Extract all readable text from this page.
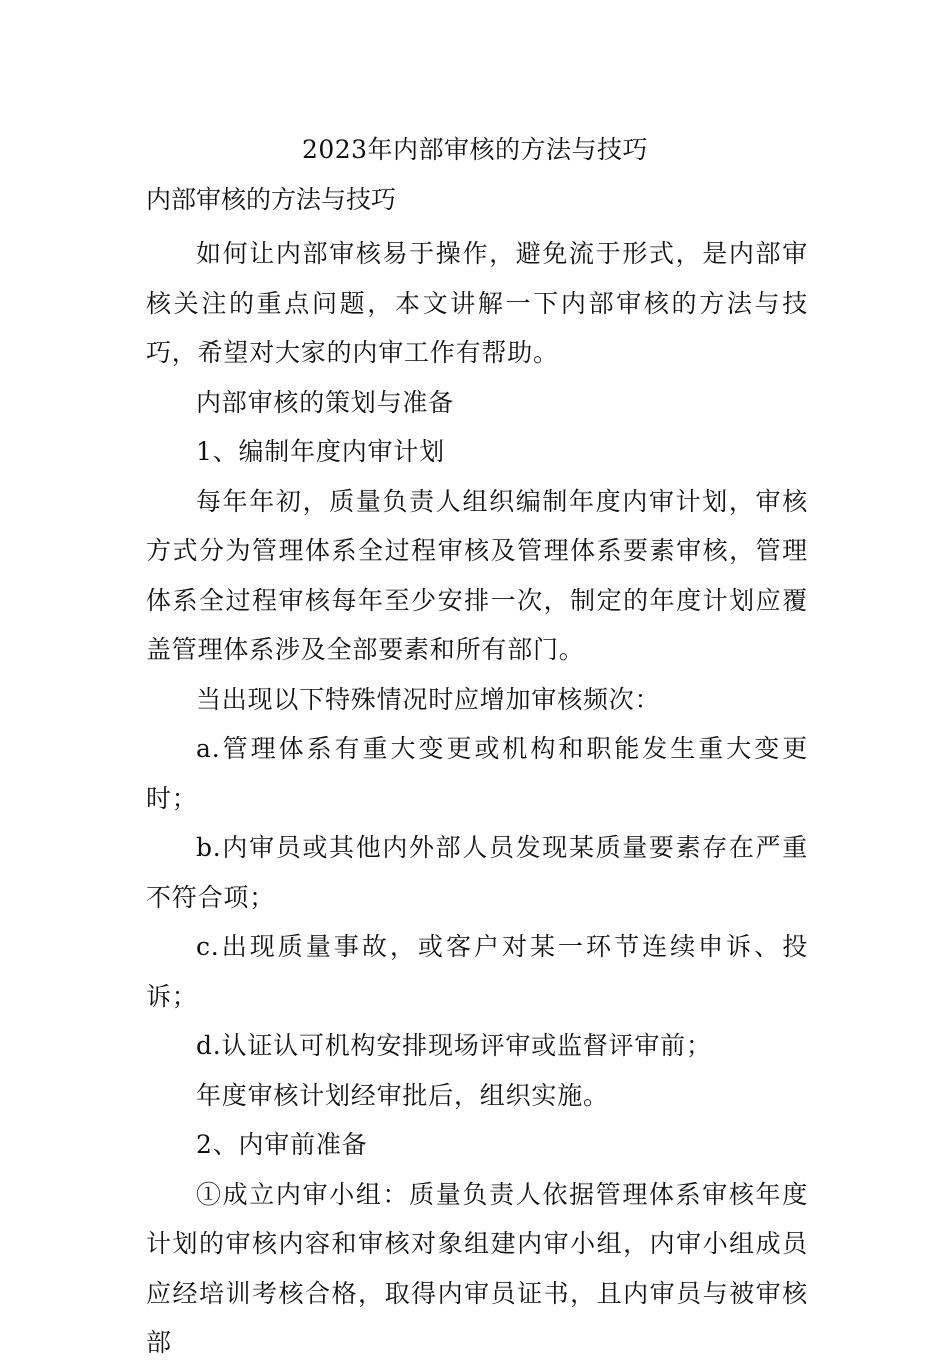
2023年内部审核的方法与技巧
内部审核的方法与技巧

如何让内部审核易于操作，避免流于形式，是内部审核关注的重点问题，本文讲解一下内部审核的方法与技巧，希望对大家的内审工作有帮助。

内部审核的策划与准备

1、编制年度内审计划

每年年初，质量负责人组织编制年度内审计划，审核方式分为管理体系全过程审核及管理体系要素审核，管理体系全过程审核每年至少安排一次，制定的年度计划应覆盖管理体系涉及全部要素和所有部门。

当出现以下特殊情况时应增加审核频次：

a.管理体系有重大变更或机构和职能发生重大变更时；

b.内审员或其他内外部人员发现某质量要素存在严重不符合项；

c.出现质量事故，或客户对某一环节连续申诉、投诉；

d.认证认可机构安排现场评审或监督评审前；

年度审核计划经审批后，组织实施。

2、内审前准备

①成立内审小组：质量负责人依据管理体系审核年度计划的审核内容和审核对象组建内审小组，内审小组成员应经培训考核合格，取得内审员证书，且内审员与被审核部
